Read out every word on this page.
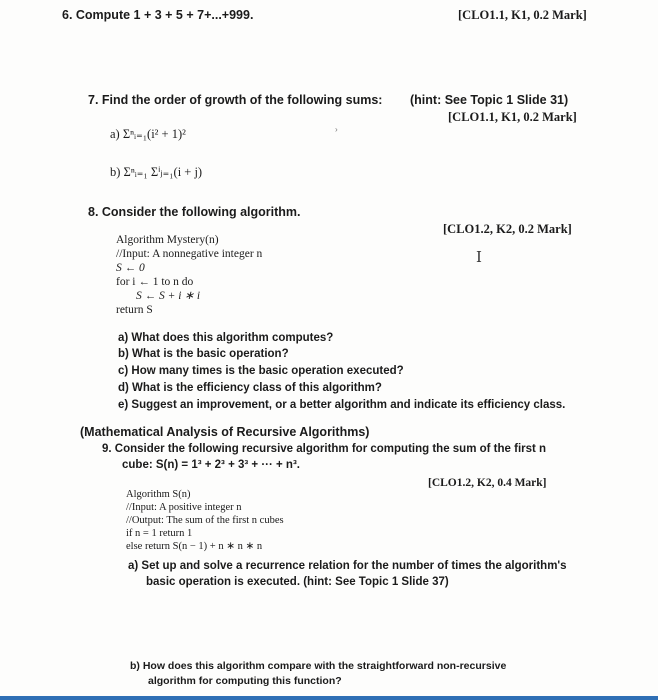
6. Compute 1 + 3 + 5 + 7+...+999.	[CLO1.1, K1, 0.2 Mark]
7. Find the order of growth of the following sums: (hint: See Topic 1 Slide 31)
[CLO1.1, K1, 0.2 Mark]
a) Σⁿᵢ₌₁(i² + 1)²	›
b) Σⁿᵢ₌₁ Σⁱⱼ₌₁(i + j)
8. Consider the following algorithm.
[CLO1.2, K2, 0.2 Mark]
I
Algorithm Mystery(n)
//Input: A nonnegative integer n
S ← 0
for i ← 1 to n do
S ← S + i ∗ i
return S
a) What does this algorithm computes?
b) What is the basic operation?
c) How many times is the basic operation executed?
d) What is the efficiency class of this algorithm?
e) Suggest an improvement, or a better algorithm and indicate its efficiency class.
(Mathematical Analysis of Recursive Algorithms)
9. Consider the following recursive algorithm for computing the sum of the first n
cube: S(n) = 1³ + 2³ + 3³ + ··· + n³.
[CLO1.2, K2, 0.4 Mark]
Algorithm S(n)
//Input: A positive integer n
//Output: The sum of the first n cubes
if n = 1 return 1
else return S(n − 1) + n ∗ n ∗ n
a) Set up and solve a recurrence relation for the number of times the algorithm's
basic operation is executed. (hint: See Topic 1 Slide 37)
b) How does this algorithm compare with the straightforward non-recursive
algorithm for computing this function?
